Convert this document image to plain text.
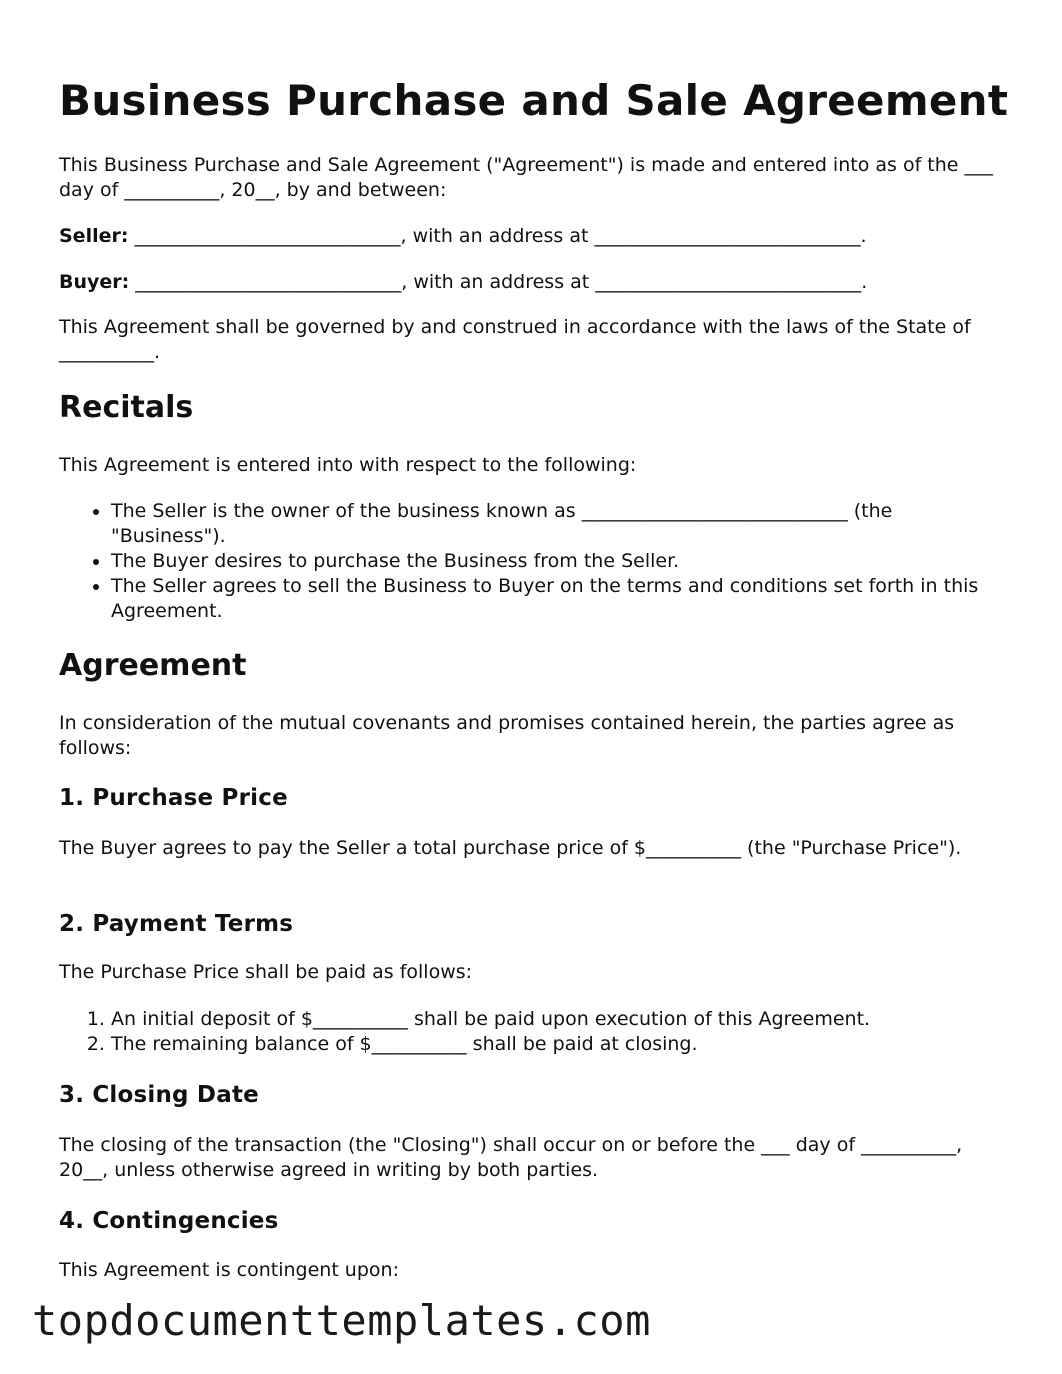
Business Purchase and Sale Agreement

This Business Purchase and Sale Agreement ("Agreement") is made and entered into as of the ___ day of __________, 20__, by and between:

Seller: ____________________________, with an address at ____________________________.

Buyer: ____________________________, with an address at ____________________________.

This Agreement shall be governed by and construed in accordance with the laws of the State of __________.

Recitals

This Agreement is entered into with respect to the following:

• The Seller is the owner of the business known as ____________________________ (the "Business").
• The Buyer desires to purchase the Business from the Seller.
• The Seller agrees to sell the Business to Buyer on the terms and conditions set forth in this Agreement.
Agreement

In consideration of the mutual covenants and promises contained herein, the parties agree as follows:

1. Purchase Price

The Buyer agrees to pay the Seller a total purchase price of $__________ (the "Purchase Price").

2. Payment Terms

The Purchase Price shall be paid as follows:

1. An initial deposit of $__________ shall be paid upon execution of this Agreement.
2. The remaining balance of $__________ shall be paid at closing.
3. Closing Date

The closing of the transaction (the "Closing") shall occur on or before the ___ day of __________, 20__, unless otherwise agreed in writing by both parties.

4. Contingencies

This Agreement is contingent upon:

topdocumenttemplates.com
